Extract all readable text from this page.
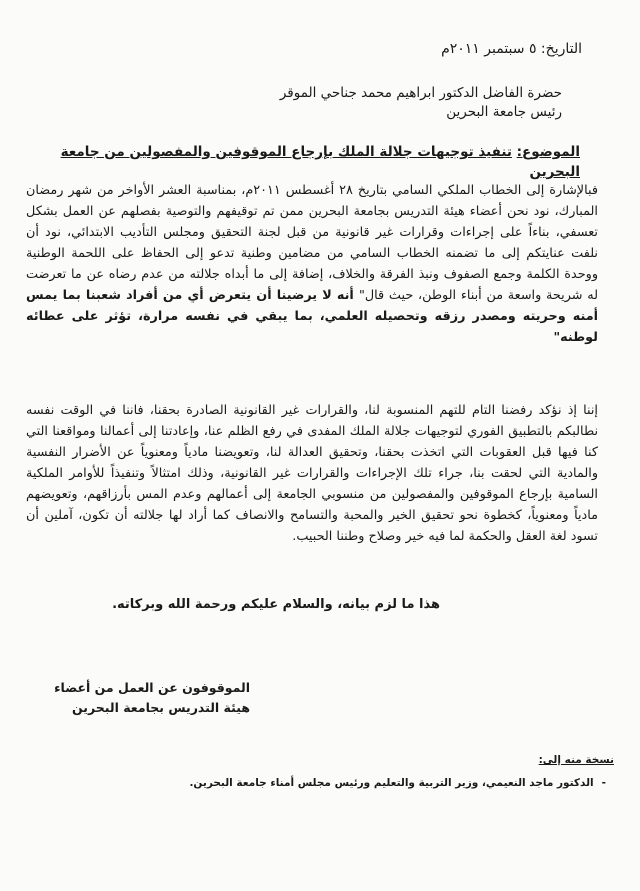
التاريخ: ٥ سبتمبر ٢٠١١م
حضرة الفاضل الدكتور ابراهيم محمد جناحي الموقر
رئيس جامعة البحرين
الموضوع: تنفيذ توجيهات جلالة الملك بإرجاع الموقوفين والمفصولين من جامعة البحرين
فبالإشارة إلى الخطاب الملكي السامي بتاريخ ٢٨ أغسطس ٢٠١١م، بمناسبة العشر الأواخر من شهر رمضان المبارك، نود نحن أعضاء هيئة التدريس بجامعة البحرين ممن تم توقيفهم والتوصية بفصلهم عن العمل بشكل تعسفي، بناءاً على إجراءات وقرارات غير قانونية من قبل لجنة التحقيق ومجلس التأديب الابتدائي، نود أن نلفت عنايتكم إلى ما تضمنه الخطاب السامي من مضامين وطنية تدعو إلى الحفاظ على اللحمة الوطنية ووحدة الكلمة وجمع الصفوف ونبذ الفرقة والخلاف، إضافة إلى ما أبداه جلالته من عدم رضاه عن ما تعرضت له شريحة واسعة من أبناء الوطن، حيث قال" أنه لا يرضينا أن يتعرض أي من أفراد شعبنا بما يمس أمنه وحريته ومصدر رزقه وتحصيله العلمي، بما يبقي في نفسه مرارة، تؤثر على عطائه لوطنه"
إننا إذ نؤكد رفضنا التام للتهم المنسوبة لنا، والقرارات غير القانونية الصادرة بحقنا، فاننا في الوقت نفسه نطالبكم بالتطبيق الفوري لتوجيهات جلالة الملك المفدى في رفع الظلم عنا، وإعادتنا إلى أعمالنا ومواقعنا التي كنا فيها قبل العقوبات التي اتخذت بحقنا، وتحقيق العدالة لنا، وتعويضنا مادياً ومعنوياً عن الأضرار النفسية والمادية التي لحقت بنا، جراء تلك الإجراءات والقرارات غير القانونية، وذلك امتثالاً وتنفيذاً للأوامر الملكية السامية بإرجاع الموقوفين والمفصولين من منسوبي الجامعة إلى أعمالهم وعدم المس بأرزاقهم، وتعويضهم مادياً ومعنوياً، كخطوة نحو تحقيق الخير والمحبة والتسامح والانصاف كما أراد لها جلالته أن تكون، آملين أن تسود لغة العقل والحكمة لما فيه خير وصلاح وطننا الحبيب.
هذا ما لزم بيانه، والسلام عليكم ورحمة الله وبركاته.
الموقوفون عن العمل من أعضاء
هيئة التدريس بجامعة البحرين
نسخة منه إلى:
-الدكتور ماجد النعيمي، وزير التربية والتعليم ورئيس مجلس أمناء جامعة البحرين.
